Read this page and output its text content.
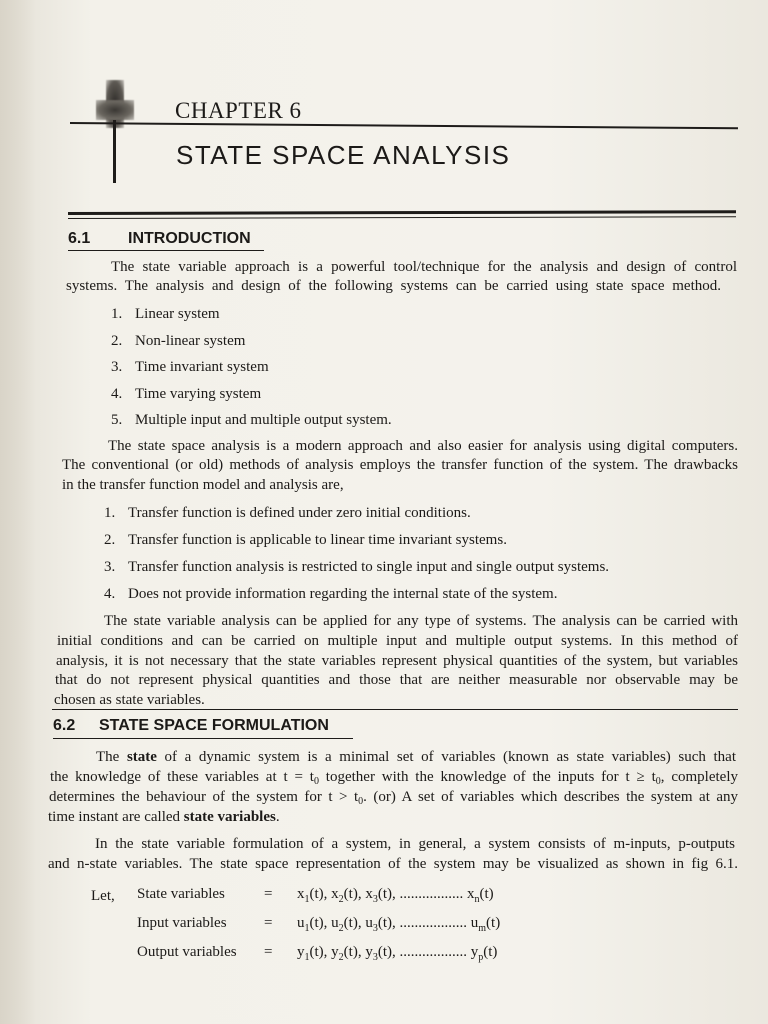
CHAPTER 6
STATE SPACE ANALYSIS
6.1 INTRODUCTION
The state variable approach is a powerful tool/technique for the analysis and design of control
systems. The analysis and design of the following systems can be carried using state space method.
1. Linear system
2. Non-linear system
3. Time invariant system
4. Time varying system
5. Multiple input and multiple output system.
The state space analysis is a modern approach and also easier for analysis using digital computers.
The conventional (or old) methods of analysis employs the transfer function of the system. The drawbacks
in the transfer function model and analysis are,
1. Transfer function is defined under zero initial conditions.
2. Transfer function is applicable to linear time invariant systems.
3. Transfer function analysis is restricted to single input and single output systems.
4. Does not provide information regarding the internal state of the system.
The state variable analysis can be applied for any type of systems. The analysis can be carried with
initial conditions and can be carried on multiple input and multiple output systems. In this method of
analysis, it is not necessary that the state variables represent physical quantities of the system, but variables
that do not represent physical quantities and those that are neither measurable nor observable may be
chosen as state variables.
6.2 STATE SPACE FORMULATION
The state of a dynamic system is a minimal set of variables (known as state variables) such that
the knowledge of these variables at $t = t_0$ together with the knowledge of the inputs for $t \ge t_0$, completely
determines the behaviour of the system for $t > t_0$. (or) A set of variables which describes the system at any
time instant are called state variables.
In the state variable formulation of a system, in general, a system consists of m-inputs, p-outputs
and n-state variables. The state space representation of the system may be visualized as shown in fig 6.1.
Let, State variables	= $x_1(t)$, $x_2(t)$, $x_3(t)$, ................. $x_n(t)$
Input variables = $u_1(t)$, $u_2(t)$, $u_3(t)$, .................. $u_m(t)$
Output variables = $y_1(t)$, $y_2(t)$, $y_3(t)$, .................. $y_p(t)$
